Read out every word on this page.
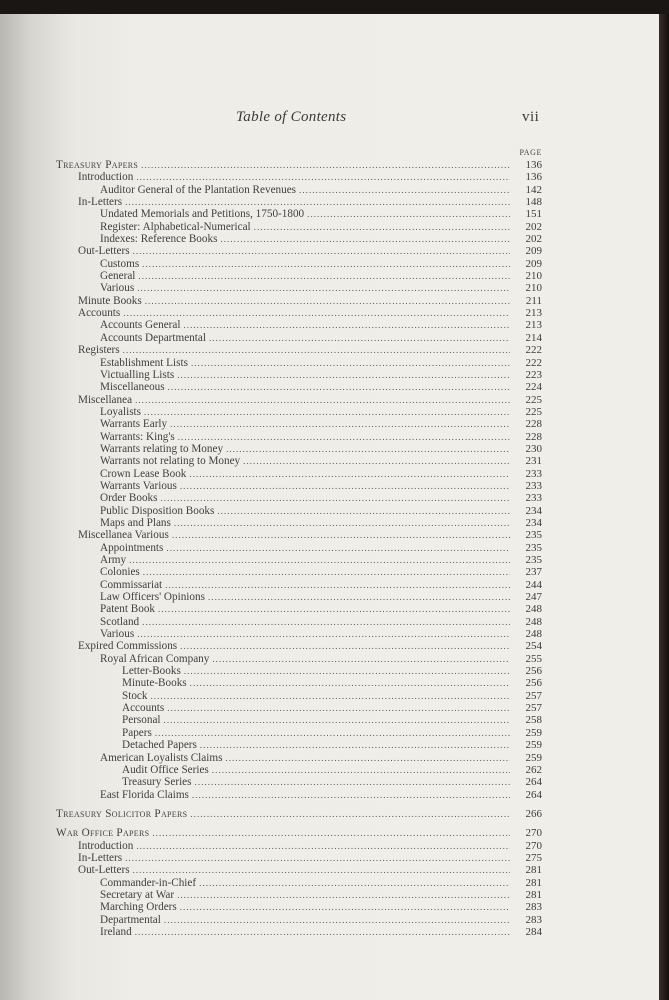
Table of Contents	vii
PAGE
Treasury Papers . . .	136
Introduction . . .	136
Auditor General of the Plantation Revenues . . .	142
In-Letters . . .	148
Undated Memorials and Petitions, 1750-1800 . . .	151
Register: Alphabetical-Numerical . . .	202
Indexes: Reference Books . . .	202
Out-Letters . . .	209
Customs . . .	209
General . . .	210
Various . . .	210
Minute Books . . .	211
Accounts . . .	213
Accounts General . . .	213
Accounts Departmental . . .	214
Registers . . .	222
Establishment Lists . . .	222
Victualling Lists . . .	223
Miscellaneous . . .	224
Miscellanea . . .	225
Loyalists . . .	225
Warrants Early . . .	228
Warrants: King's . . .	228
Warrants relating to Money . . .	230
Warrants not relating to Money . . .	231
Crown Lease Book . . .	233
Warrants Various . . .	233
Order Books . . .	233
Public Disposition Books . . .	234
Maps and Plans . . .	234
Miscellanea Various . . .	235
Appointments . . .	235
Army . . .	235
Colonies . . .	237
Commissariat . . .	244
Law Officers' Opinions . . .	247
Patent Book . . .	248
Scotland . . .	248
Various . . .	248
Expired Commissions . . .	254
Royal African Company . . .	255
Letter-Books . . .	256
Minute-Books . . .	256
Stock . . .	257
Accounts . . .	257
Personal . . .	258
Papers . . .	259
Detached Papers . . .	259
American Loyalists Claims . . .	259
Audit Office Series . . .	262
Treasury Series . . .	264
East Florida Claims . . .	264
Treasury Solicitor Papers . . .	266
War Office Papers . . .	270
Introduction . . .	270
In-Letters . . .	275
Out-Letters . . .	281
Commander-in-Chief . . .	281
Secretary at War . . .	281
Marching Orders . . .	283
Departmental . . .	283
Ireland . . .	284
